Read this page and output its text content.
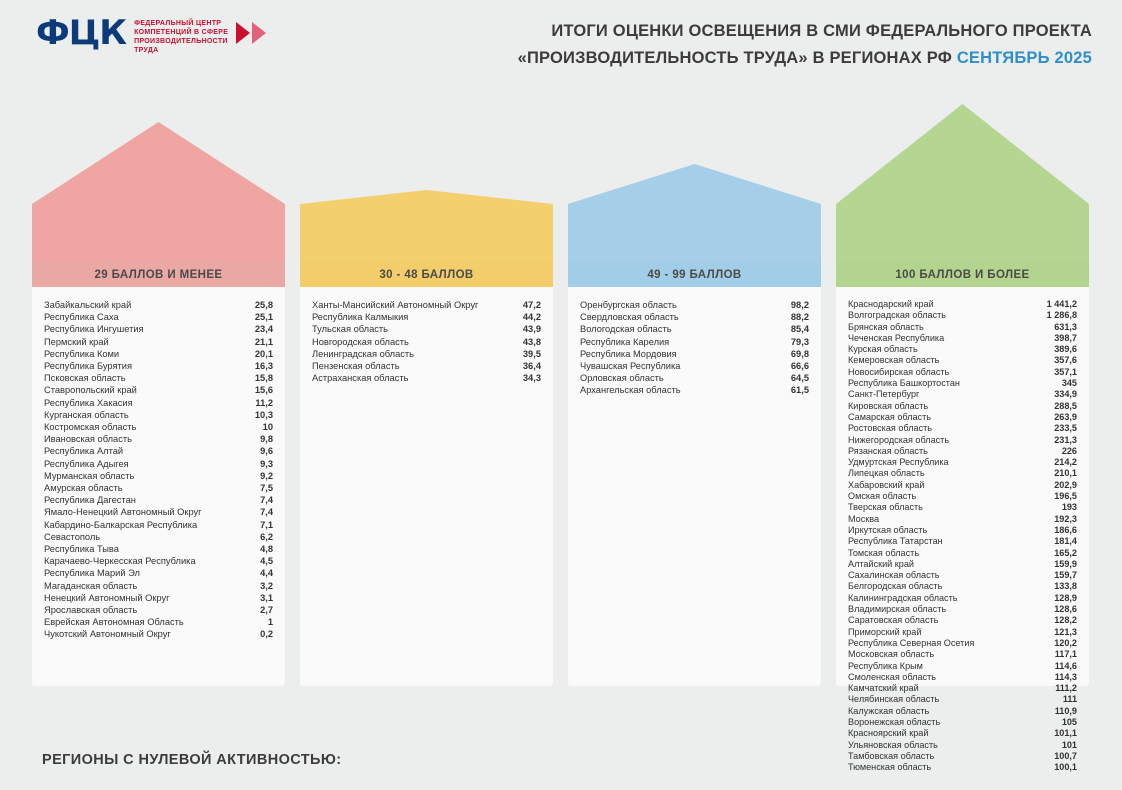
ФЦК ФЕДЕРАЛЬНЫЙ ЦЕНТР КОМПЕТЕНЦИЙ В СФЕРЕ ПРОИЗВОДИТЕЛЬНОСТИ ТРУДА
ИТОГИ ОЦЕНКИ ОСВЕЩЕНИЯ В СМИ ФЕДЕРАЛЬНОГО ПРОЕКТА
«ПРОИЗВОДИТЕЛЬНОСТЬ ТРУДА» В РЕГИОНАХ РФ СЕНТЯБРЬ 2025
29 БАЛЛОВ И МЕНЕЕ
Забайкальский край	25,8
Республика Саха	25,1
Республика Ингушетия	23,4
Пермский край	21,1
Республика Коми	20,1
Республика Бурятия	16,3
Псковская область	15,8
Ставропольский край	15,6
Республика Хакасия	11,2
Курганская область	10,3
Костромская область	10
Ивановская область	9,8
Республика Алтай	9,6
Республика Адыгея	9,3
Мурманская область	9,2
Амурская область	7,5
Республика Дагестан	7,4
Ямало-Ненецкий Автономный Округ	7,4
Кабардино-Балкарская Республика	7,1
Севастополь	6,2
Республика Тыва	4,8
Карачаево-Черкесская Республика	4,5
Республика Марий Эл	4,4
Магаданская область	3,2
Ненецкий Автономный Округ	3,1
Ярославская область	2,7
Еврейская Автономная Область	1
Чукотский Автономный Округ	0,2
30 - 48 БАЛЛОВ
Ханты-Мансийский Автономный Округ	47,2
Республика Калмыкия	44,2
Тульская область	43,9
Новгородская область	43,8
Ленинградская область	39,5
Пензенская область	36,4
Астраханская область	34,3
49 - 99 БАЛЛОВ
Оренбургская область	98,2
Свердловская область	88,2
Вологодская область	85,4
Республика Карелия	79,3
Республика Мордовия	69,8
Чувашская Республика	66,6
Орловская область	64,5
Архангельская область	61,5
100 БАЛЛОВ И БОЛЕЕ
Краснодарский край	1 441,2
Волгоградская область	1 286,8
Брянская область	631,3
Чеченская Республика	398,7
Курская область	389,6
Кемеровская область	357,6
Новосибирская область	357,1
Республика Башкортостан	345
Санкт-Петербург	334,9
Кировская область	288,5
Самарская область	263,9
Ростовская область	233,5
Нижегородская область	231,3
Рязанская область	226
Удмуртская Республика	214,2
Липецкая область	210,1
Хабаровский край	202,9
Омская область	196,5
Тверская область	193
Москва	192,3
Иркутская область	186,6
Республика Татарстан	181,4
Томская область	165,2
Алтайский край	159,9
Сахалинская область	159,7
Белгородская область	133,8
Калининградская область	128,9
Владимирская область	128,6
Саратовская область	128,2
Приморский край	121,3
Республика Северная Осетия	120,2
Московская область	117,1
Республика Крым	114,6
Смоленская область	114,3
Камчатский край	111,2
Челябинская область	111
Калужская область	110,9
Воронежская область	105
Красноярский край	101,1
Ульяновская область	101
Тамбовская область	100,7
Тюменская область	100,1
РЕГИОНЫ С НУЛЕВОЙ АКТИВНОСТЬЮ:
